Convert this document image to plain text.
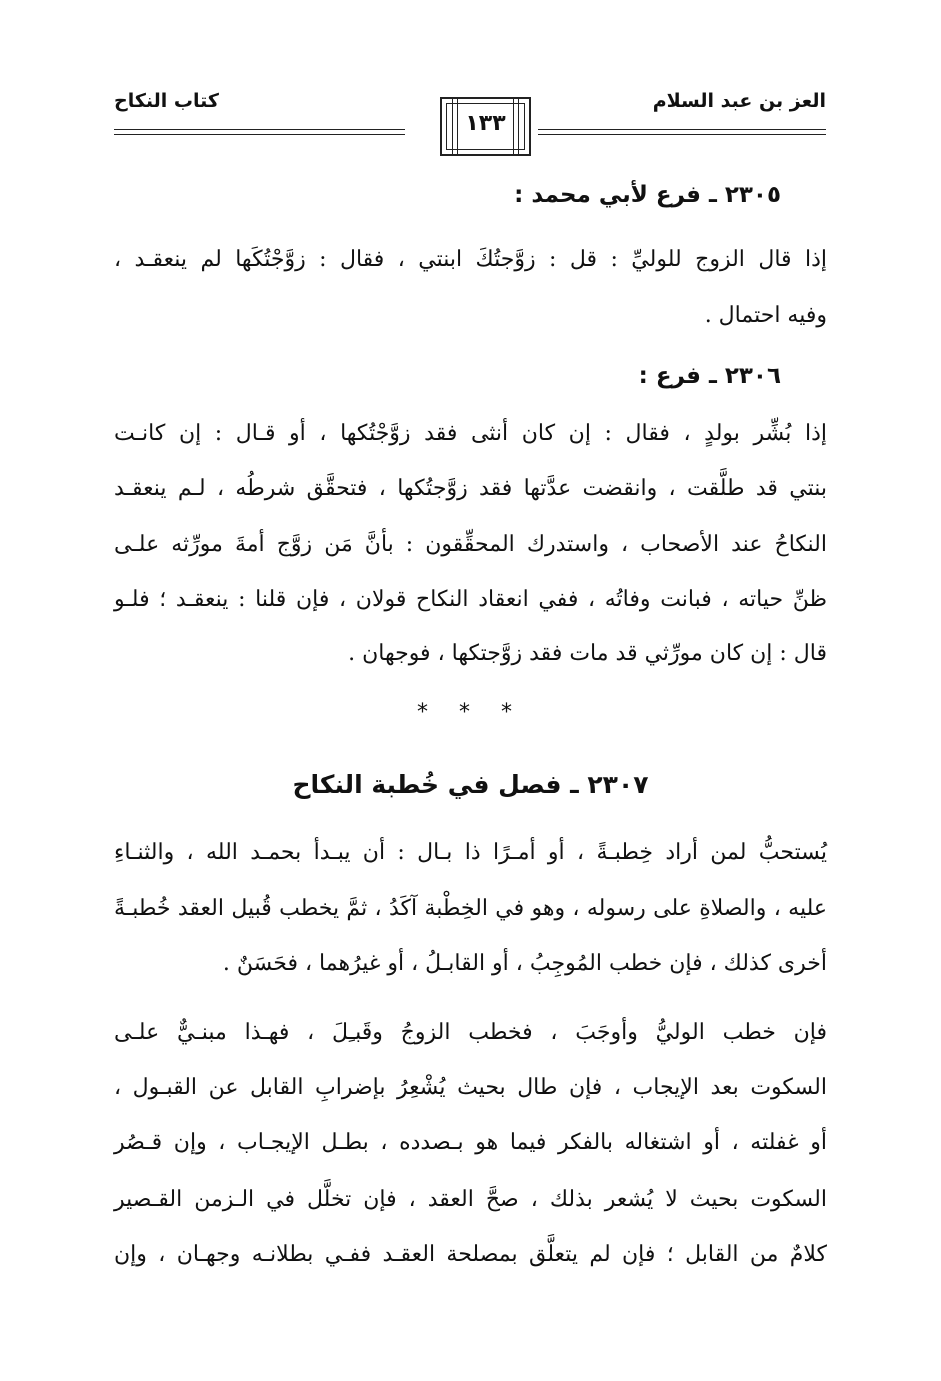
العز بن عبد السلام
كتاب النكاح
١٣٣
٢٣٠٥ ـ فرع لأبي محمد :
إذا قال الزوج للوليِّ : قل : زوَّجتُكَ ابنتي ، فقال : زوَّجْتُكَها لم ينعقـد ،
وفيه احتمال .
٢٣٠٦ ـ فرع :
إذا بُشِّر بولدٍ ، فقال : إن كان أنثى فقد زوَّجْتُكها ، أو قـال : إن كانـت
بنتي قد طلَّقت ، وانقضت عدَّتها فقد زوَّجتُكها ، فتحقَّق شرطُه ، لـم ينعقـد
النكاحُ عند الأصحاب ، واستدرك المحقِّقون : بأنَّ مَن زوَّج أمةَ مورِّثه علـى
ظنِّ حياته ، فبانت وفاتُه ، ففي انعقاد النكاح قولان ، فإن قلنا : ينعقـد ؛ فلـو
قال : إن كان مورِّثي قد مات فقد زوَّجتكها ، فوجهان .
* * *
٢٣٠٧ ـ فصل في خُطبة النكاح
يُستحبُّ لمن أراد خِطبـةً ، أو أمـرًا ذا بـال : أن يبـدأ بحمـد الله ، والثنـاءِ
عليه ، والصلاةِ على رسوله ، وهو في الخِطْبة آكَدُ ، ثمَّ يخطب قُبيل العقد خُطبـةً
أخرى كذلك ، فإن خطب المُوجِبُ ، أو القابـلُ ، أو غيرُهما ، فحَسَنٌ .
فإن خطب الوليُّ وأوجَبَ ، فخطب الزوجُ وقَبـِلَ ، فهـذا مبنـيٌّ علـى
السكوت بعد الإيجاب ، فإن طال بحيث يُشْعِرُ بإضرابِ القابل عن القبـول ،
أو غفلته ، أو اشتغاله بالفكر فيما هو بـصدده ، بطـل الإيجـاب ، وإن قـصُر
السكوت بحيث لا يُشعر بذلك ، صحَّ العقد ، فإن تخلَّل في الـزمن القـصير
كلامٌ من القابل ؛ فإن لم يتعلَّق بمصلحة العقـد ففـي بطلانـه وجهـان ، وإن
